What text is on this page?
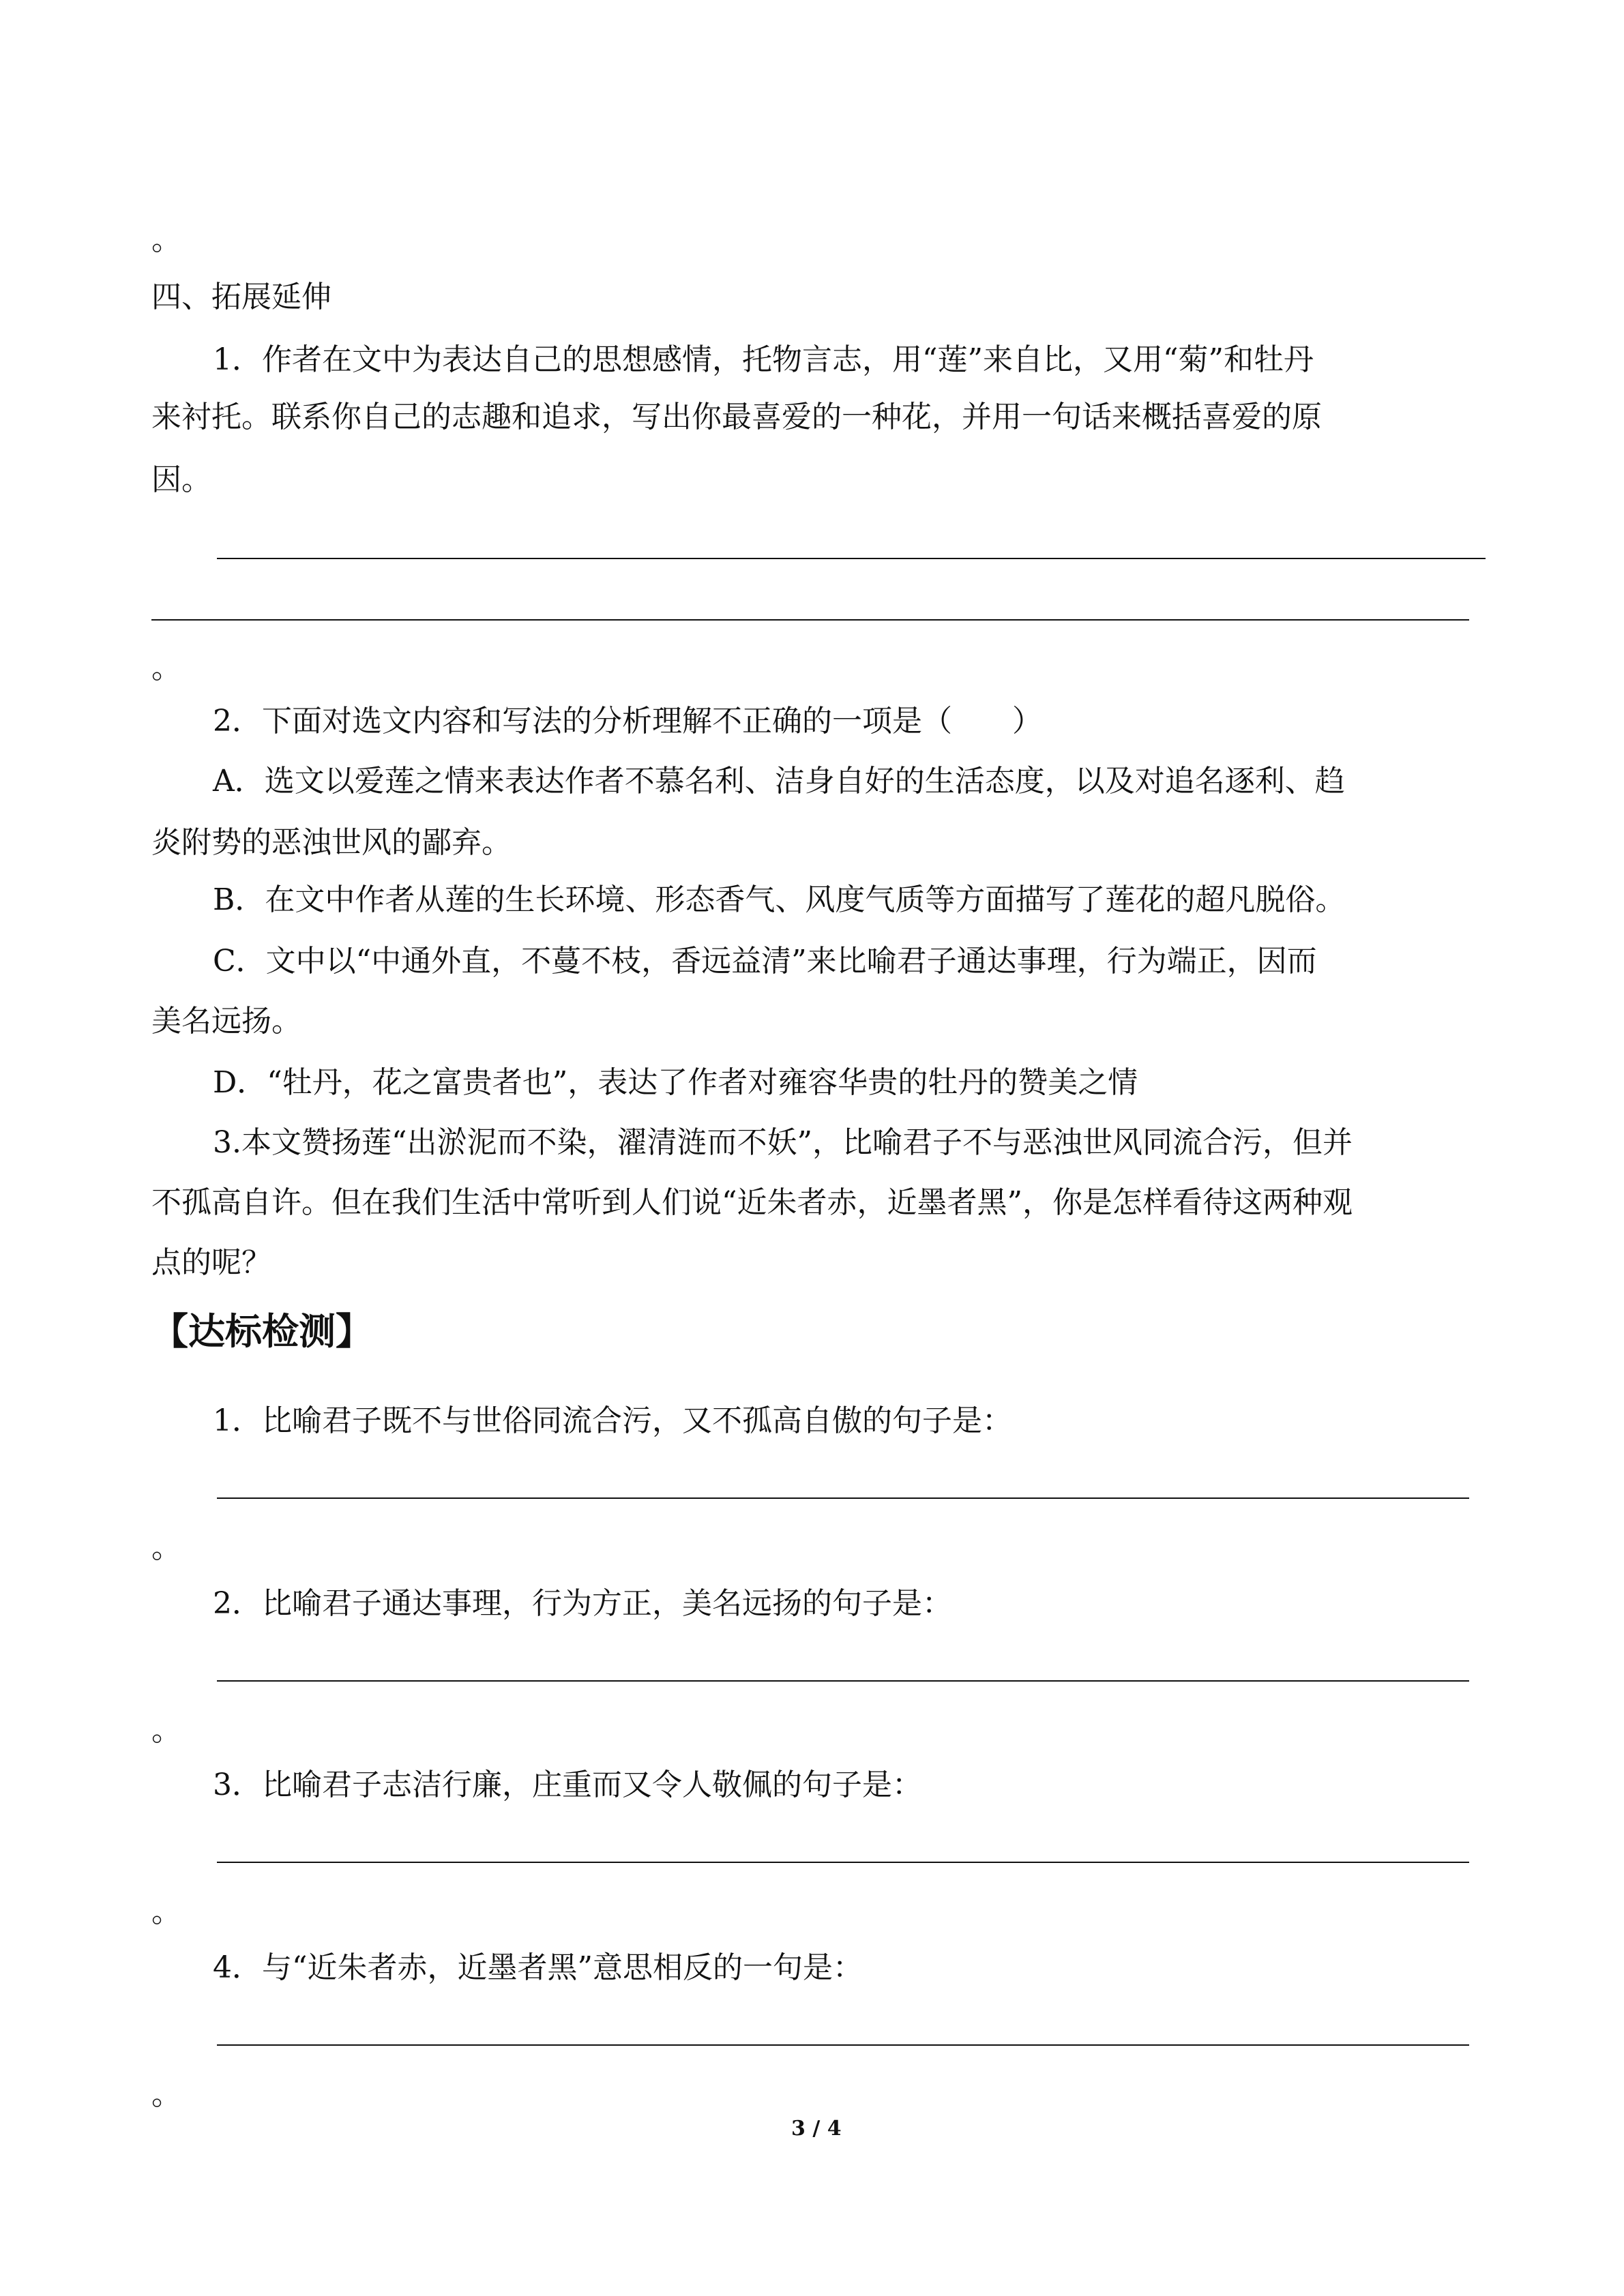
。
四、拓展延伸
1．作者在文中为表达自己的思想感情，托物言志，用“莲”来自比，又用“菊”和牡丹
来衬托。联系你自己的志趣和追求，写出你最喜爱的一种花，并用一句话来概括喜爱的原
因。
。
2．下面对选文内容和写法的分析理解不正确的一项是（　　）
A．选文以爱莲之情来表达作者不慕名利、洁身自好的生活态度，以及对追名逐利、趋
炎附势的恶浊世风的鄙弃。
B．在文中作者从莲的生长环境、形态香气、风度气质等方面描写了莲花的超凡脱俗。
C．文中以“中通外直，不蔓不枝，香远益清”来比喻君子通达事理，行为端正，因而
美名远扬。
D．“牡丹，花之富贵者也”，表达了作者对雍容华贵的牡丹的赞美之情
3.本文赞扬莲“出淤泥而不染，濯清涟而不妖”，比喻君子不与恶浊世风同流合污，但并
不孤高自许。但在我们生活中常听到人们说“近朱者赤，近墨者黑”，你是怎样看待这两种观
点的呢？
【达标检测】
1．比喻君子既不与世俗同流合污，又不孤高自傲的句子是：
。
2．比喻君子通达事理，行为方正，美名远扬的句子是：
。
3．比喻君子志洁行廉，庄重而又令人敬佩的句子是：
。
4．与“近朱者赤，近墨者黑”意思相反的一句是：
。
3 / 4
